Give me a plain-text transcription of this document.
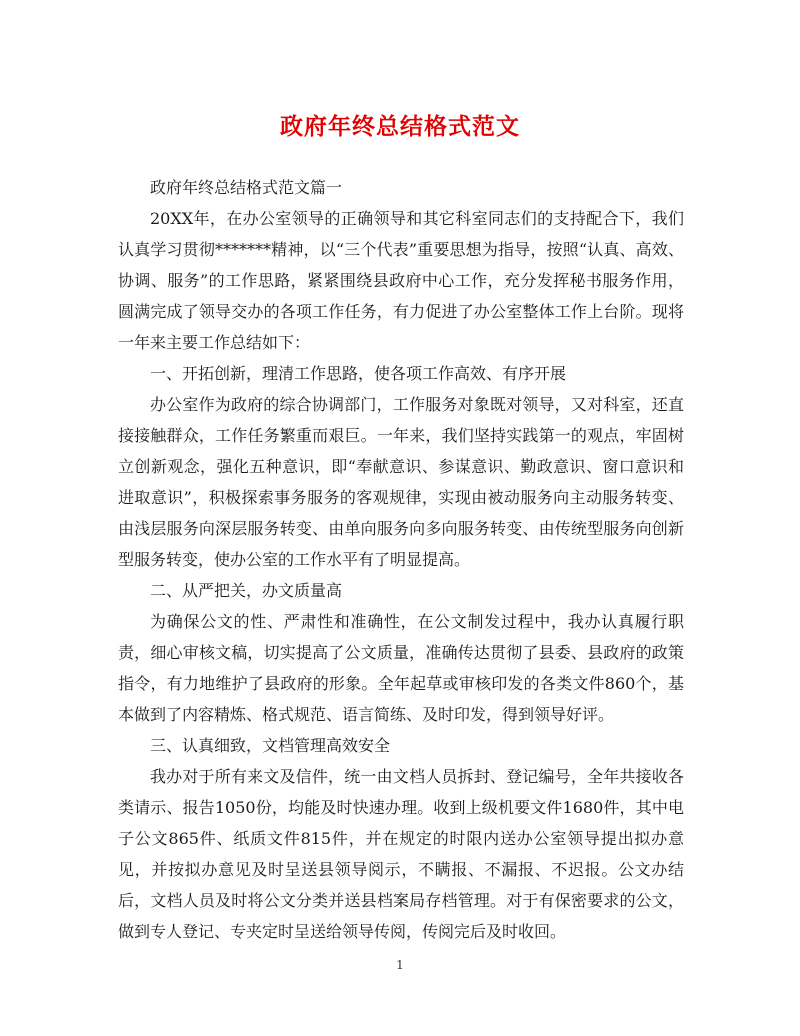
政府年终总结格式范文

政府年终总结格式范文篇一

20XX年，在办公室领导的正确领导和其它科室同志们的支持配合下，我们认真学习贯彻*******精神，以“三个代表”重要思想为指导，按照“认真、高效、协调、服务”的工作思路，紧紧围绕县政府中心工作，充分发挥秘书服务作用，圆满完成了领导交办的各项工作任务，有力促进了办公室整体工作上台阶。现将一年来主要工作总结如下：

一、开拓创新，理清工作思路，使各项工作高效、有序开展

办公室作为政府的综合协调部门，工作服务对象既对领导，又对科室，还直接接触群众，工作任务繁重而艰巨。一年来，我们坚持实践第一的观点，牢固树立创新观念，强化五种意识，即“奉献意识、参谋意识、勤政意识、窗口意识和进取意识”，积极探索事务服务的客观规律，实现由被动服务向主动服务转变、由浅层服务向深层服务转变、由单向服务向多向服务转变、由传统型服务向创新型服务转变，使办公室的工作水平有了明显提高。

二、从严把关，办文质量高

为确保公文的性、严肃性和准确性，在公文制发过程中，我办认真履行职责，细心审核文稿，切实提高了公文质量，准确传达贯彻了县委、县政府的政策指令，有力地维护了县政府的形象。全年起草或审核印发的各类文件860个，基本做到了内容精炼、格式规范、语言简练、及时印发，得到领导好评。

三、认真细致，文档管理高效安全

我办对于所有来文及信件，统一由文档人员拆封、登记编号，全年共接收各类请示、报告1050份，均能及时快速办理。收到上级机要文件1680件，其中电子公文865件、纸质文件815件，并在规定的时限内送办公室领导提出拟办意见，并按拟办意见及时呈送县领导阅示，不瞒报、不漏报、不迟报。公文办结后，文档人员及时将公文分类并送县档案局存档管理。对于有保密要求的公文，做到专人登记、专夹定时呈送给领导传阅，传阅完后及时收回。

1
